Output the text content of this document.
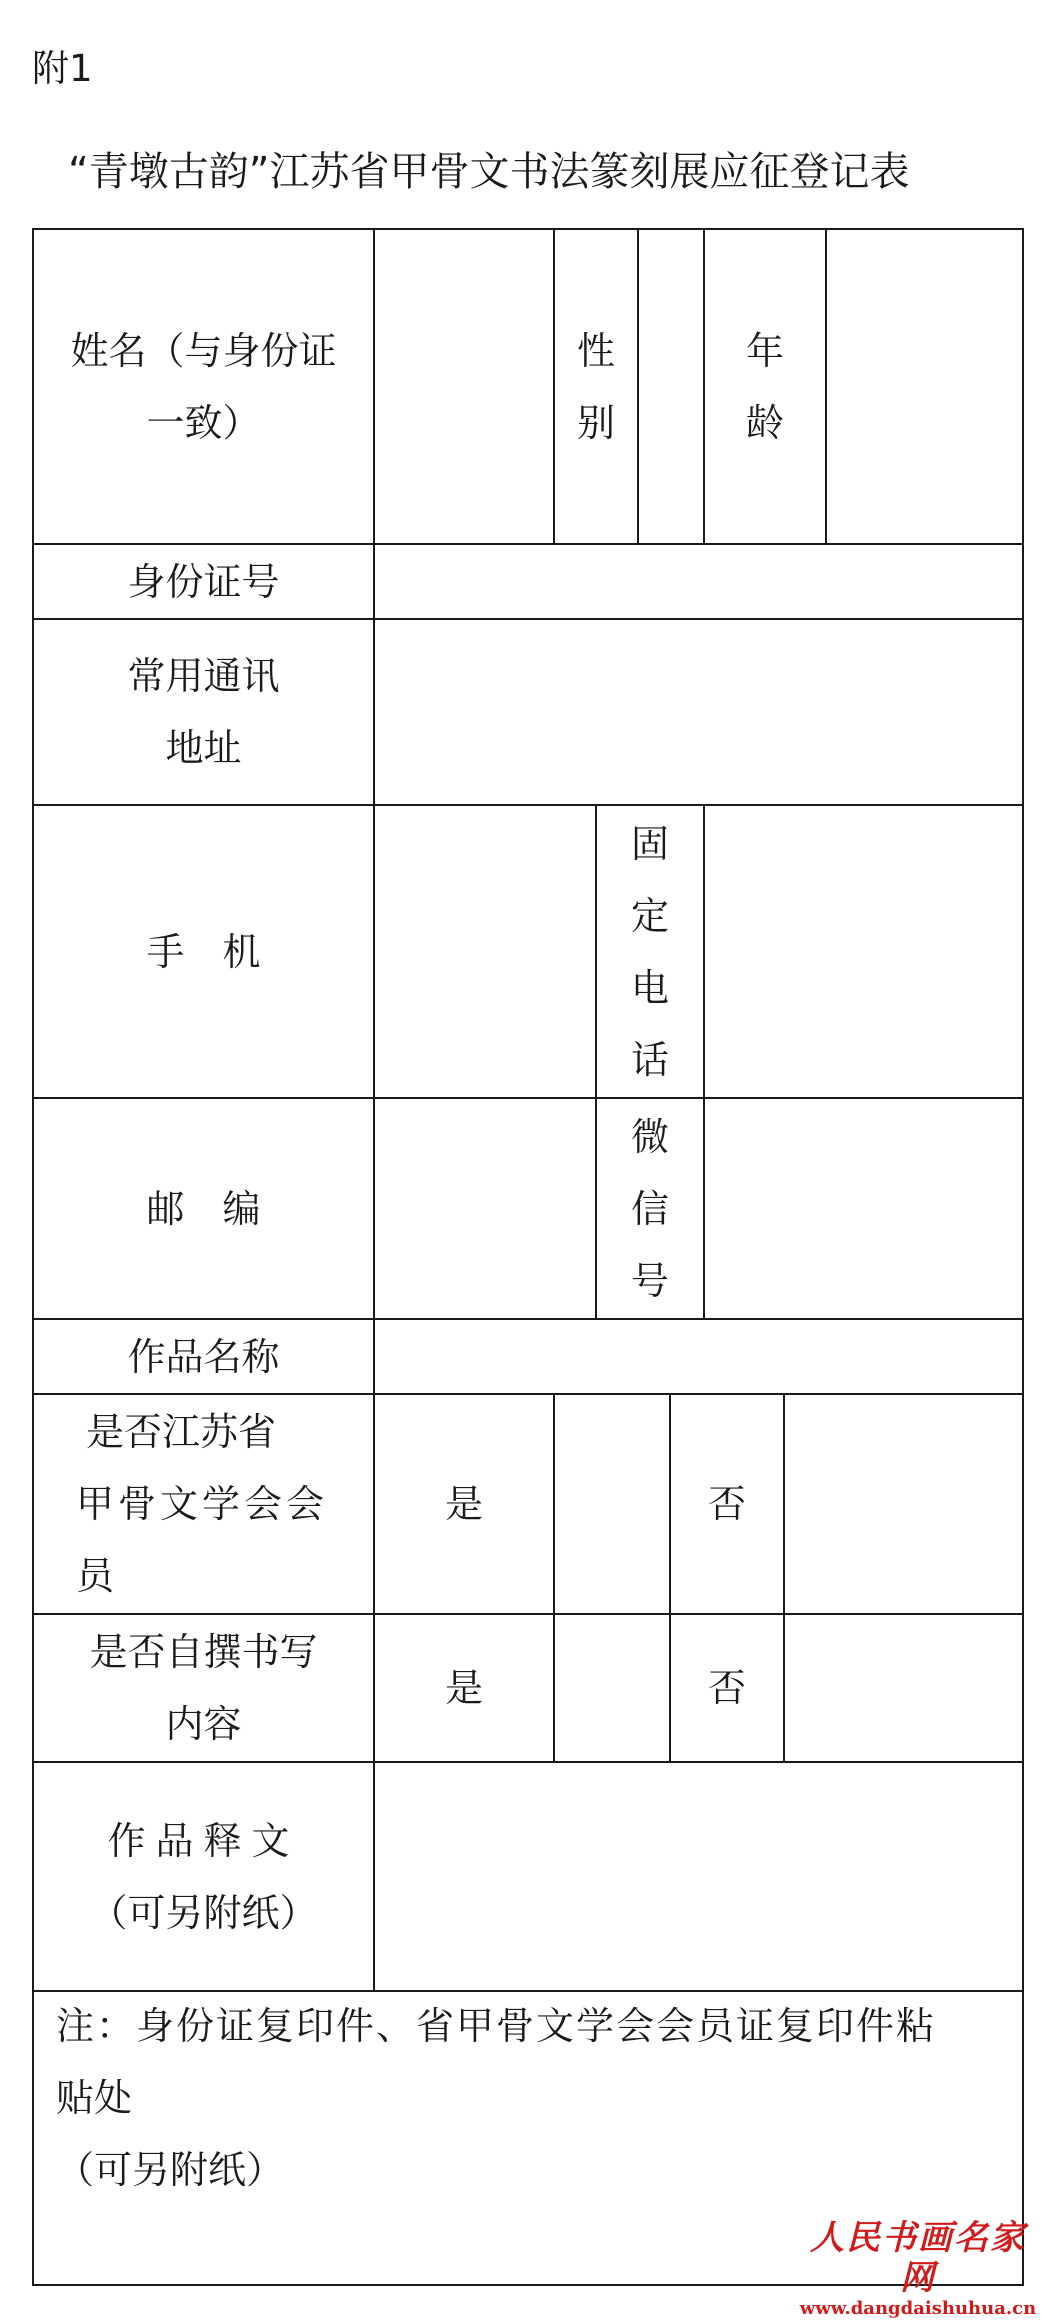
附1
“青墩古韵”江苏省甲骨文书法篆刻展应征登记表
姓名（与身份证
一致）
性
别
年
龄
身份证号
常用通讯
地址
手　机
固
定
电
话
邮　编
微
信
号
作品名称
是否江苏省
甲骨文学会会
员
是	否
是否自撰书写
内容
是	否
作品释文
（可另附纸）
注：身份证复印件、省甲骨文学会会员证复印件粘
贴处
（可另附纸）
人民书画名家网
www.dangdaishuhua.cn
